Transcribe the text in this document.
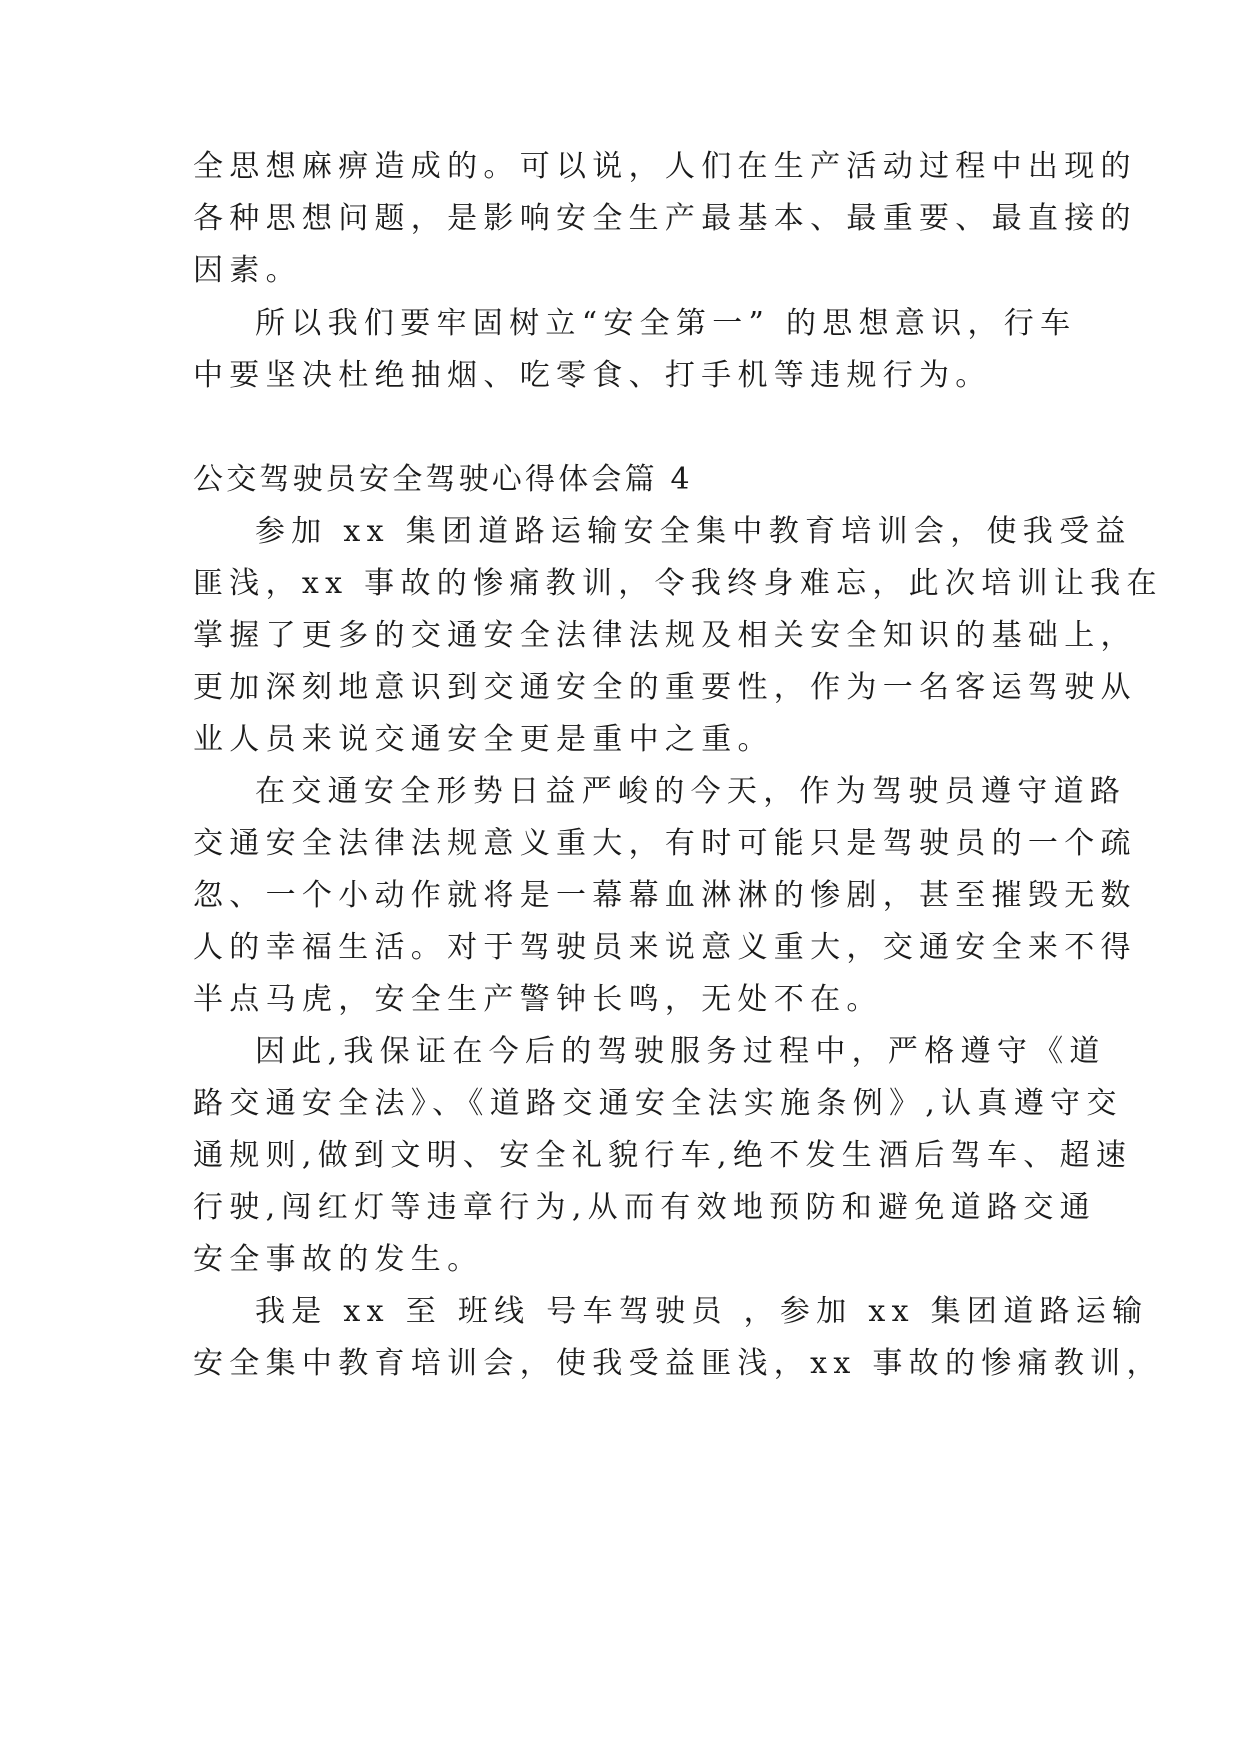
全思想麻痹造成的。可以说，人们在生产活动过程中出现的
各种思想问题，是影响安全生产最基本、最重要、最直接的
因素。
所以我们要牢固树立“安全第一” 的思想意识，行车
中要坚决杜绝抽烟、吃零食、打手机等违规行为。
公交驾驶员安全驾驶心得体会篇 4
参加 xx 集团道路运输安全集中教育培训会，使我受益
匪浅，xx 事故的惨痛教训，令我终身难忘，此次培训让我在
掌握了更多的交通安全法律法规及相关安全知识的基础上，
更加深刻地意识到交通安全的重要性，作为一名客运驾驶从
业人员来说交通安全更是重中之重。
在交通安全形势日益严峻的今天，作为驾驶员遵守道路
交通安全法律法规意义重大，有时可能只是驾驶员的一个疏
忽、一个小动作就将是一幕幕血淋淋的惨剧，甚至摧毁无数
人的幸福生活。对于驾驶员来说意义重大，交通安全来不得
半点马虎，安全生产警钟长鸣，无处不在。
因此,我保证在今后的驾驶服务过程中，严格遵守《道
路交通安全法》、《道路交通安全法实施条例》,认真遵守交
通规则,做到文明、安全礼貌行车,绝不发生酒后驾车、超速
行驶,闯红灯等违章行为,从而有效地预防和避免道路交通
安全事故的发生。
我是 xx 至 班线 号车驾驶员 ，参加 xx 集团道路运输
安全集中教育培训会，使我受益匪浅，xx 事故的惨痛教训，
